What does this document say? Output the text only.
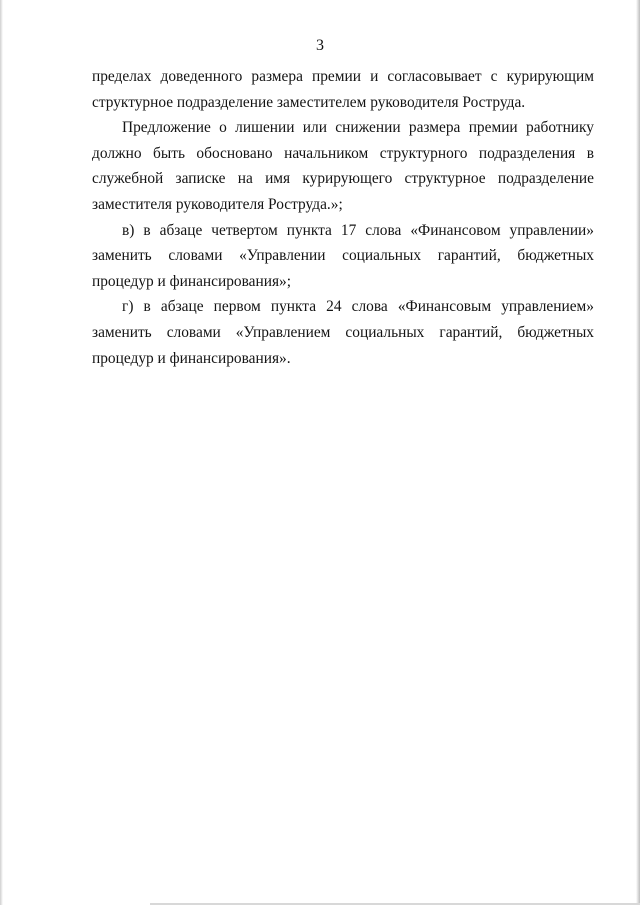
3

пределах доведенного размера премии и согласовывает с курирующим структурное подразделение заместителем руководителя Роструда.

Предложение о лишении или снижении размера премии работнику должно быть обосновано начальником структурного подразделения в служебной записке на имя курирующего структурное подразделение заместителя руководителя Роструда.»;

в) в абзаце четвертом пункта 17 слова «Финансовом управлении» заменить словами «Управлении социальных гарантий, бюджетных процедур и финансирования»;

г) в абзаце первом пункта 24 слова «Финансовым управлением» заменить словами «Управлением социальных гарантий, бюджетных процедур и финансирования».
